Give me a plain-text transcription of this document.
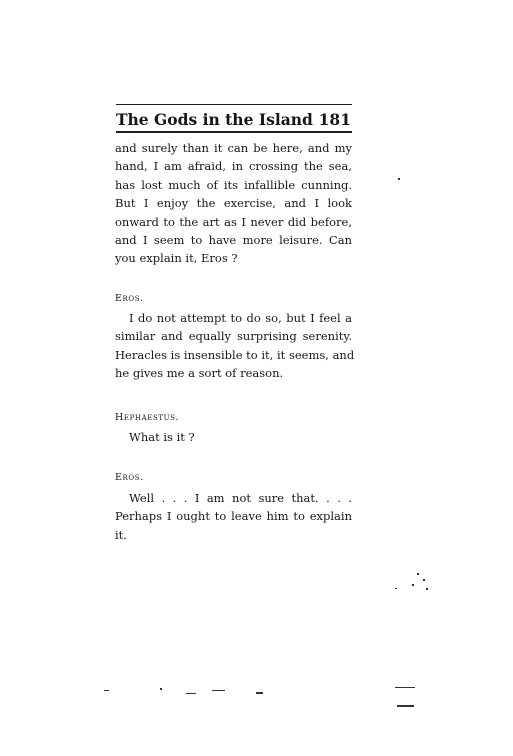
The Gods in the Island 181
and surely than it can be here, and my
hand, I am afraid, in crossing the sea,
has lost much of its infallible cunning.
But I enjoy the exercise, and I look
onward to the art as I never did before,
and I seem to have more leisure. Can
you explain it, Eros ?
Eros.
I do not attempt to do so, but I feel a
similar and equally surprising serenity.
Heracles is insensible to it, it seems, and
he gives me a sort of reason.
Hephaestus.
What is it ?
Eros.
Well . . . I am not sure that. . . .
Perhaps I ought to leave him to explain
it.
